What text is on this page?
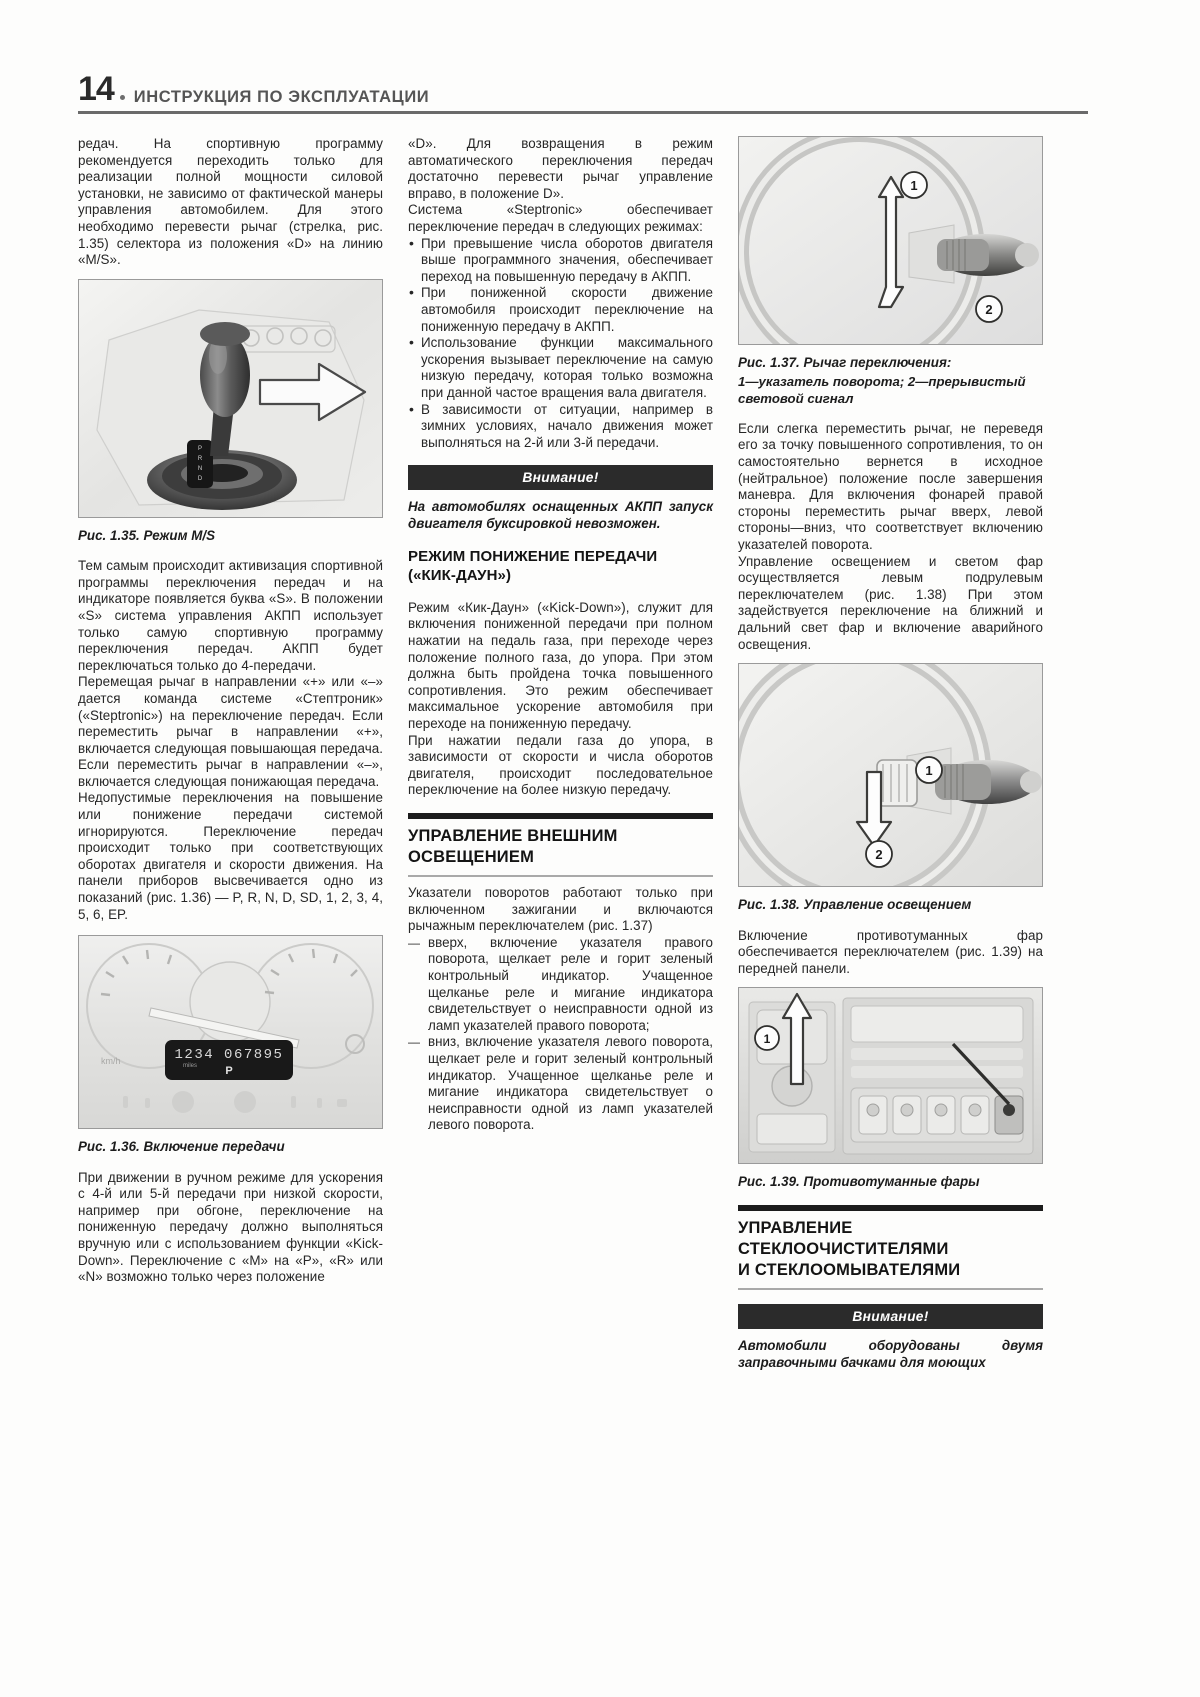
14 ИНСТРУКЦИЯ ПО ЭКСПЛУАТАЦИИ

редач. На спортивную программу рекомендуется переходить только для реализации полной мощности силовой установки, не зависимо от фактической манеры управления автомобилем. Для этого необходимо перевести рычаг (стрелка, рис. 1.35) селектора из положения «D» на линию «M/S».

P
R
N
D

Рис. 1.35. Режим M/S

Тем самым происходит активизация спортивной программы переключения передач и на индикаторе появляется буква «S». В положении «S» система управления АКПП использует только самую спортивную программу переключения передач. АКПП будет переключаться только до 4-передачи.

Перемещая рычаг в направлении «+» или «–» дается команда системе «Стептроник» («Steptronic») на переключение передач. Если переместить рычаг в направлении «+», включается следующая повышающая передача. Если переместить рычаг в направлении «–», включается следующая понижающая передача.

Недопустимые переключения на повышение или понижение передачи системой игнорируются. Переключение передач происходит только при соответствующих оборотах двигателя и скорости движения. На панели приборов высвечивается одно из показаний (рис. 1.36) — P, R, N, D, SD, 1, 2, 3, 4, 5, 6, EP.

1234 067895
miles	P
km/h

Рис. 1.36. Включение передачи

При движении в ручном режиме для ускорения с 4-й или 5-й передачи при низкой скорости, например при обгоне, переключение на пониженную передачу должно выполняться вручную или с использованием функции «Kick-Down». Переключение с «M» на «P», «R» или «N» возможно только через положение

«D». Для возвращения в режим автоматического переключения передач достаточно перевести рычаг управление вправо, в положение D».

Система «Steptronic» обеспечивает переключение передач в следующих режимах:

• При превышение числа оборотов двигателя выше программного значения, обеспечивает переход на повышенную передачу в АКПП.
• При пониженной скорости движение автомобиля происходит переключение на пониженную передачу в АКПП.
• Использование функции максимального ускорения вызывает переключение на самую низкую передачу, которая только возможна при данной частое вращения вала двигателя.
• В зависимости от ситуации, например в зимних условиях, начало движения может выполняться на 2-й или 3-й передачи.
Внимание!

На автомобилях оснащенных АКПП запуск двигателя буксировкой невозможен.

РЕЖИМ ПОНИЖЕНИЕ ПЕРЕДАЧИ
(«КИК-ДАУН»)

Режим «Кик-Даун» («Kick-Down»), служит для включения пониженной передачи при полном нажатии на педаль газа, при переходе через положение полного газа, до упора. При этом должна быть пройдена точка повышенного сопротивления. Это режим обеспечивает максимальное ускорение автомобиля при переходе на пониженную передачу.

При нажатии педали газа до упора, в зависимости от скорости и числа оборотов двигателя, происходит последовательное переключение на более низкую передачу.

УПРАВЛЕНИЕ ВНЕШНИМ
ОСВЕЩЕНИЕМ

Указатели поворотов работают только при включенном зажигании и включаются рычажным переключателем (рис. 1.37)

— вверх, включение указателя правого поворота, щелкает реле и горит зеленый контрольный индикатор. Учащенное щелканье реле и мигание индикатора свидетельствует о неисправности одной из ламп указателей правого поворота;
— вниз, включение указателя левого поворота, щелкает реле и горит зеленый контрольный индикатор. Учащенное щелканье реле и мигание индикатора свидетельствует о неисправности одной из ламп указателей левого поворота.
1
2

Рис. 1.37. Рычаг переключения:

1—указатель поворота; 2—прерывистый световой сигнал

Если слегка переместить рычаг, не переведя его за точку повышенного сопротивления, то он самостоятельно вернется в исходное (нейтральное) положение после завершения маневра. Для включения фонарей правой стороны переместить рычаг вверх, левой стороны—вниз, что соответствует включению указателей поворота.

Управление освещением и светом фар осуществляется левым подрулевым переключателем (рис. 1.38) При этом задействуется переключение на ближний и дальний свет фар и включение аварийного освещения.

1
2

Рис. 1.38. Управление освещением

Включение противотуманных фар обеспечивается переключателем (рис. 1.39) на передней панели.

1

Рис. 1.39. Противотуманные фары

УПРАВЛЕНИЕ
СТЕКЛООЧИСТИТЕЛЯМИ
И СТЕКЛООМЫВАТЕЛЯМИ
Внимание!

Автомобили оборудованы двумя заправочными бачками для моющих
